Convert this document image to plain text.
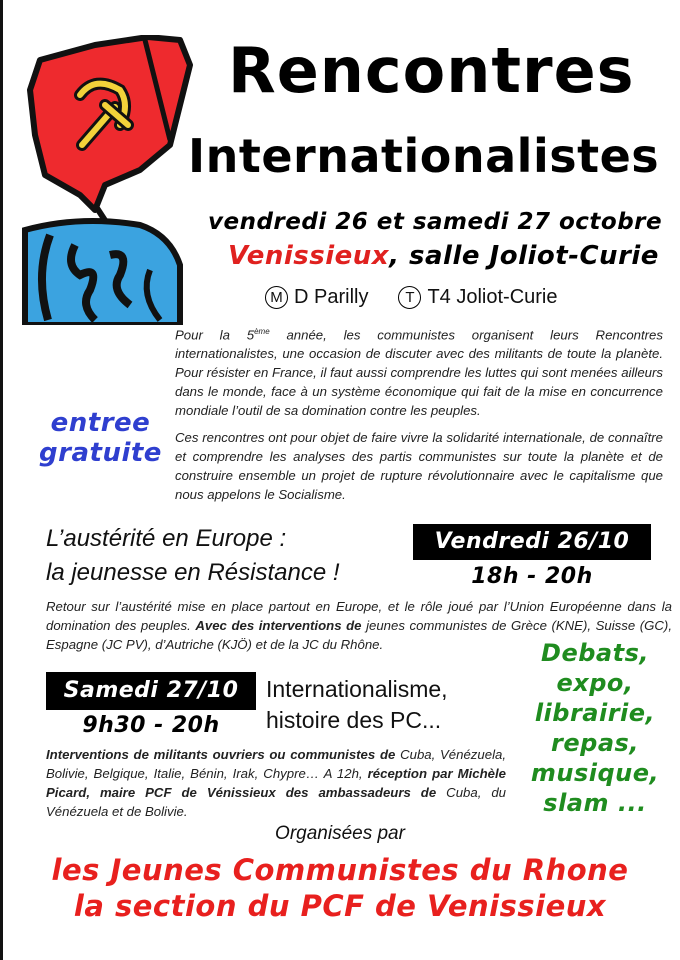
Rencontres
Internationalistes
vendredi 26 et samedi 27 octobre
Venissieux, salle Joliot-Curie
M D Parilly	T T4 Joliot-Curie

Pour la 5ème année, les communistes organisent leurs Rencontres internationalistes, une occasion de discuter avec des militants de toute la planète. Pour résister en France, il faut aussi comprendre les luttes qui sont menées ailleurs dans le monde, face à un système économique qui fait de la mise en concurrence mondiale l’outil de sa domination contre les peuples.

Ces rencontres ont pour objet de faire vivre la solidarité internationale, de connaître et comprendre les analyses des partis communistes sur toute la planète et de construire ensemble un projet de rupture révolutionnaire avec le capitalisme que nous appelons le Socialisme.

entree
gratuite
L’austérité en Europe :
la jeunesse en Résistance !
Vendredi 26/10
18h - 20h
Retour sur l’austérité mise en place partout en Europe, et le rôle joué par l’Union Européenne dans la domination des peuples. Avec des interventions de jeunes communistes de Grèce (KNE), Suisse (GC), Espagne (JC PV), d’Autriche (KJÖ) et de la JC du Rhône.
Samedi 27/10
9h30 - 20h
Internationalisme,
histoire des PC...
Interventions de militants ouvriers ou communistes de Cuba, Vénézuela, Bolivie, Belgique, Italie, Bénin, Irak, Chypre… A 12h, réception par Michèle Picard, maire PCF de Vénissieux des ambassadeurs de Cuba, du Vénézuela et de Bolivie.
Debats,
expo,
librairie,
repas,
musique,
slam ...
Organisées par
les Jeunes Communistes du Rhone
la section du PCF de Venissieux
